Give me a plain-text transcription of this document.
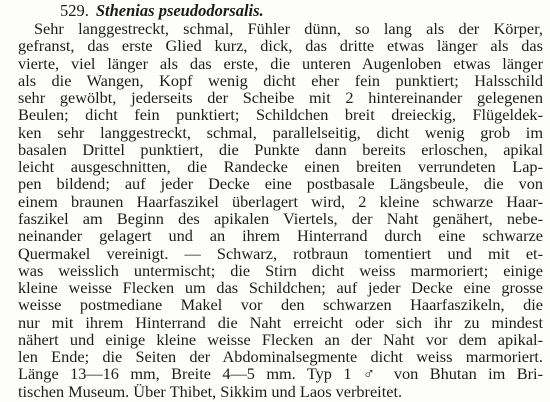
529. Sthenias pseudodorsalis.
Sehr langgestreckt, schmal, Fühler dünn, so lang als der Körper,
gefranst, das erste Glied kurz, dick, das dritte etwas länger als das
vierte, viel länger als das erste, die unteren Augenloben etwas länger
als die Wangen, Kopf wenig dicht eher fein punktiert; Halsschild
sehr gewölbt, jederseits der Scheibe mit 2 hintereinander gelegenen
Beulen; dicht fein punktiert; Schildchen breit dreieckig, Flügeldek-
ken sehr langgestreckt, schmal, parallelseitig, dicht wenig grob im
basalen Drittel punktiert, die Punkte dann bereits erloschen, apikal
leicht ausgeschnitten, die Randecke einen breiten verrundeten Lap-
pen bildend; auf jeder Decke eine postbasale Längsbeule, die von
einem braunen Haarfaszikel überlagert wird, 2 kleine schwarze Haar-
faszikel am Beginn des apikalen Viertels, der Naht genähert, nebe-
neinander gelagert und an ihrem Hinterrand durch eine schwarze
Quermakel vereinigt. — Schwarz, rotbraun tomentiert und mit et-
was weisslich untermischt; die Stirn dicht weiss marmoriert; einige
kleine weisse Flecken um das Schildchen; auf jeder Decke eine grosse
weisse postmediane Makel vor den schwarzen Haarfaszikeln, die
nur mit ihrem Hinterrand die Naht erreicht oder sich ihr zu mindest
nähert und einige kleine weisse Flecken an der Naht vor dem apikal-
len Ende; die Seiten der Abdominalsegmente dicht weiss marmoriert.
Länge 13—16 mm, Breite 4—5 mm. Typ 1 ♂ von Bhutan im Bri-
tischen Museum. Über Thibet, Sikkim und Laos verbreitet.
